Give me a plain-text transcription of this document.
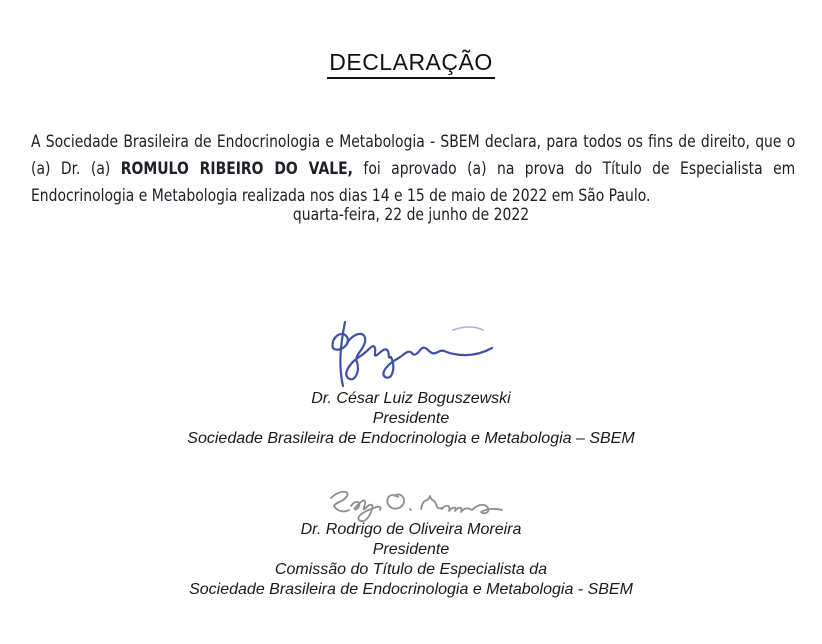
DECLARAÇÃO

A Sociedade Brasileira de Endocrinologia e Metabologia - SBEM declara, para todos os fins de direito, que o (a) Dr. (a) ROMULO RIBEIRO DO VALE, foi aprovado (a) na prova do Título de Especialista em Endocrinologia e Metabologia realizada nos dias 14 e 15 de maio de 2022 em São Paulo.

quarta-feira, 22 de junho de 2022
Dr. César Luiz Boguszewski
Presidente
Sociedade Brasileira de Endocrinologia e Metabologia – SBEM
Dr. Rodrigo de Oliveira Moreira
Presidente
Comissão do Título de Especialista da
Sociedade Brasileira de Endocrinologia e Metabologia - SBEM
